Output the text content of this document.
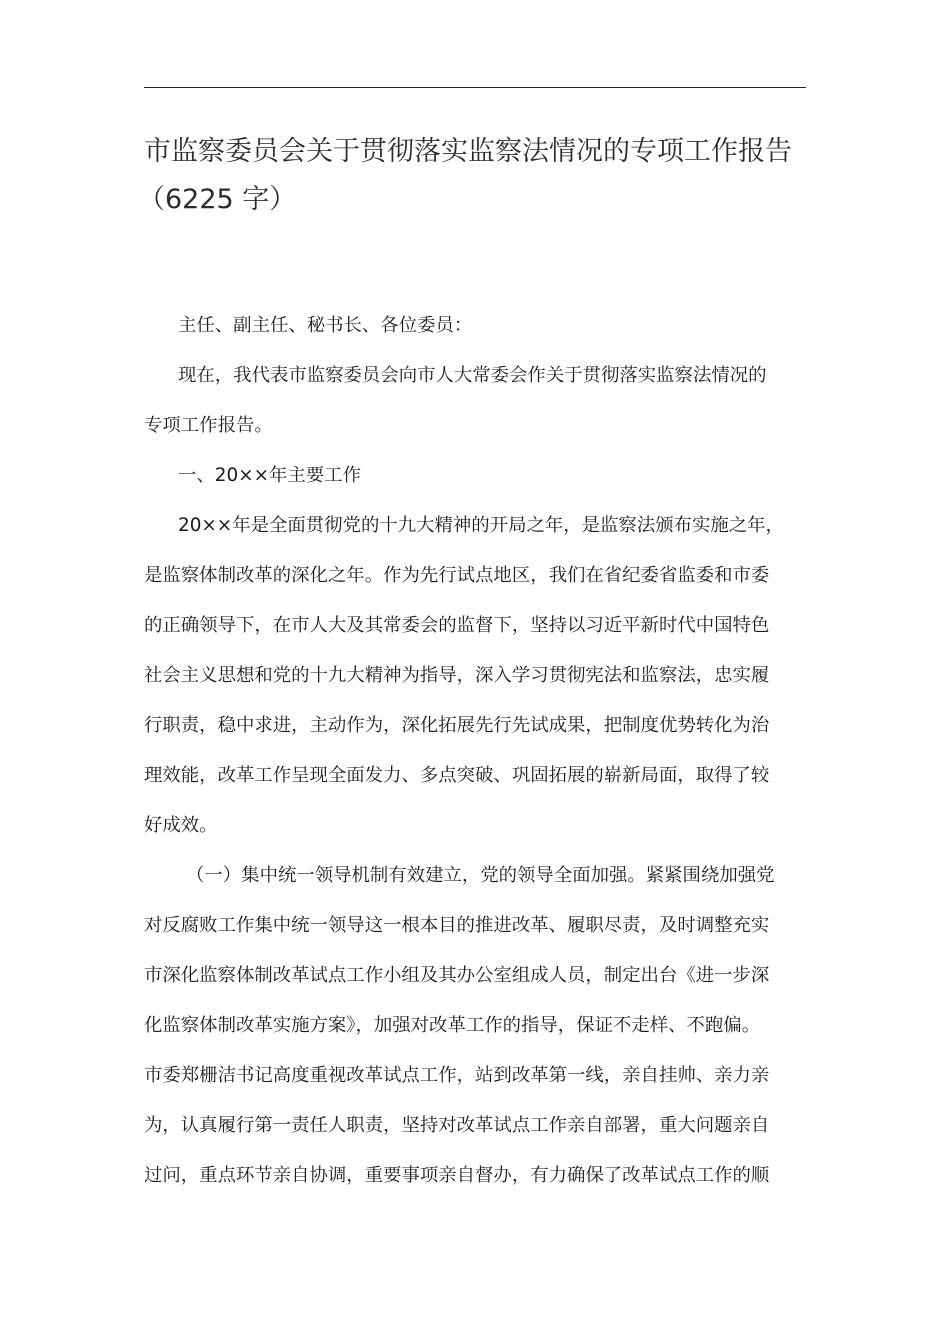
市监察委员会关于贯彻落实监察法情况的专项工作报告
（6225 字）
主任、副主任、秘书长、各位委员：
现在，我代表市监察委员会向市人大常委会作关于贯彻落实监察法情况的
专项工作报告。
一、20××年主要工作
20××年是全面贯彻党的十九大精神的开局之年，是监察法颁布实施之年，
是监察体制改革的深化之年。作为先行试点地区，我们在省纪委省监委和市委
的正确领导下，在市人大及其常委会的监督下，坚持以习近平新时代中国特色
社会主义思想和党的十九大精神为指导，深入学习贯彻宪法和监察法，忠实履
行职责，稳中求进，主动作为，深化拓展先行先试成果，把制度优势转化为治
理效能，改革工作呈现全面发力、多点突破、巩固拓展的崭新局面，取得了较
好成效。
（一）集中统一领导机制有效建立，党的领导全面加强。紧紧围绕加强党
对反腐败工作集中统一领导这一根本目的推进改革、履职尽责，及时调整充实
市深化监察体制改革试点工作小组及其办公室组成人员，制定出台《进一步深
化监察体制改革实施方案》，加强对改革工作的指导，保证不走样、不跑偏。
市委郑栅洁书记高度重视改革试点工作，站到改革第一线，亲自挂帅、亲力亲
为，认真履行第一责任人职责，坚持对改革试点工作亲自部署，重大问题亲自
过问，重点环节亲自协调，重要事项亲自督办，有力确保了改革试点工作的顺
